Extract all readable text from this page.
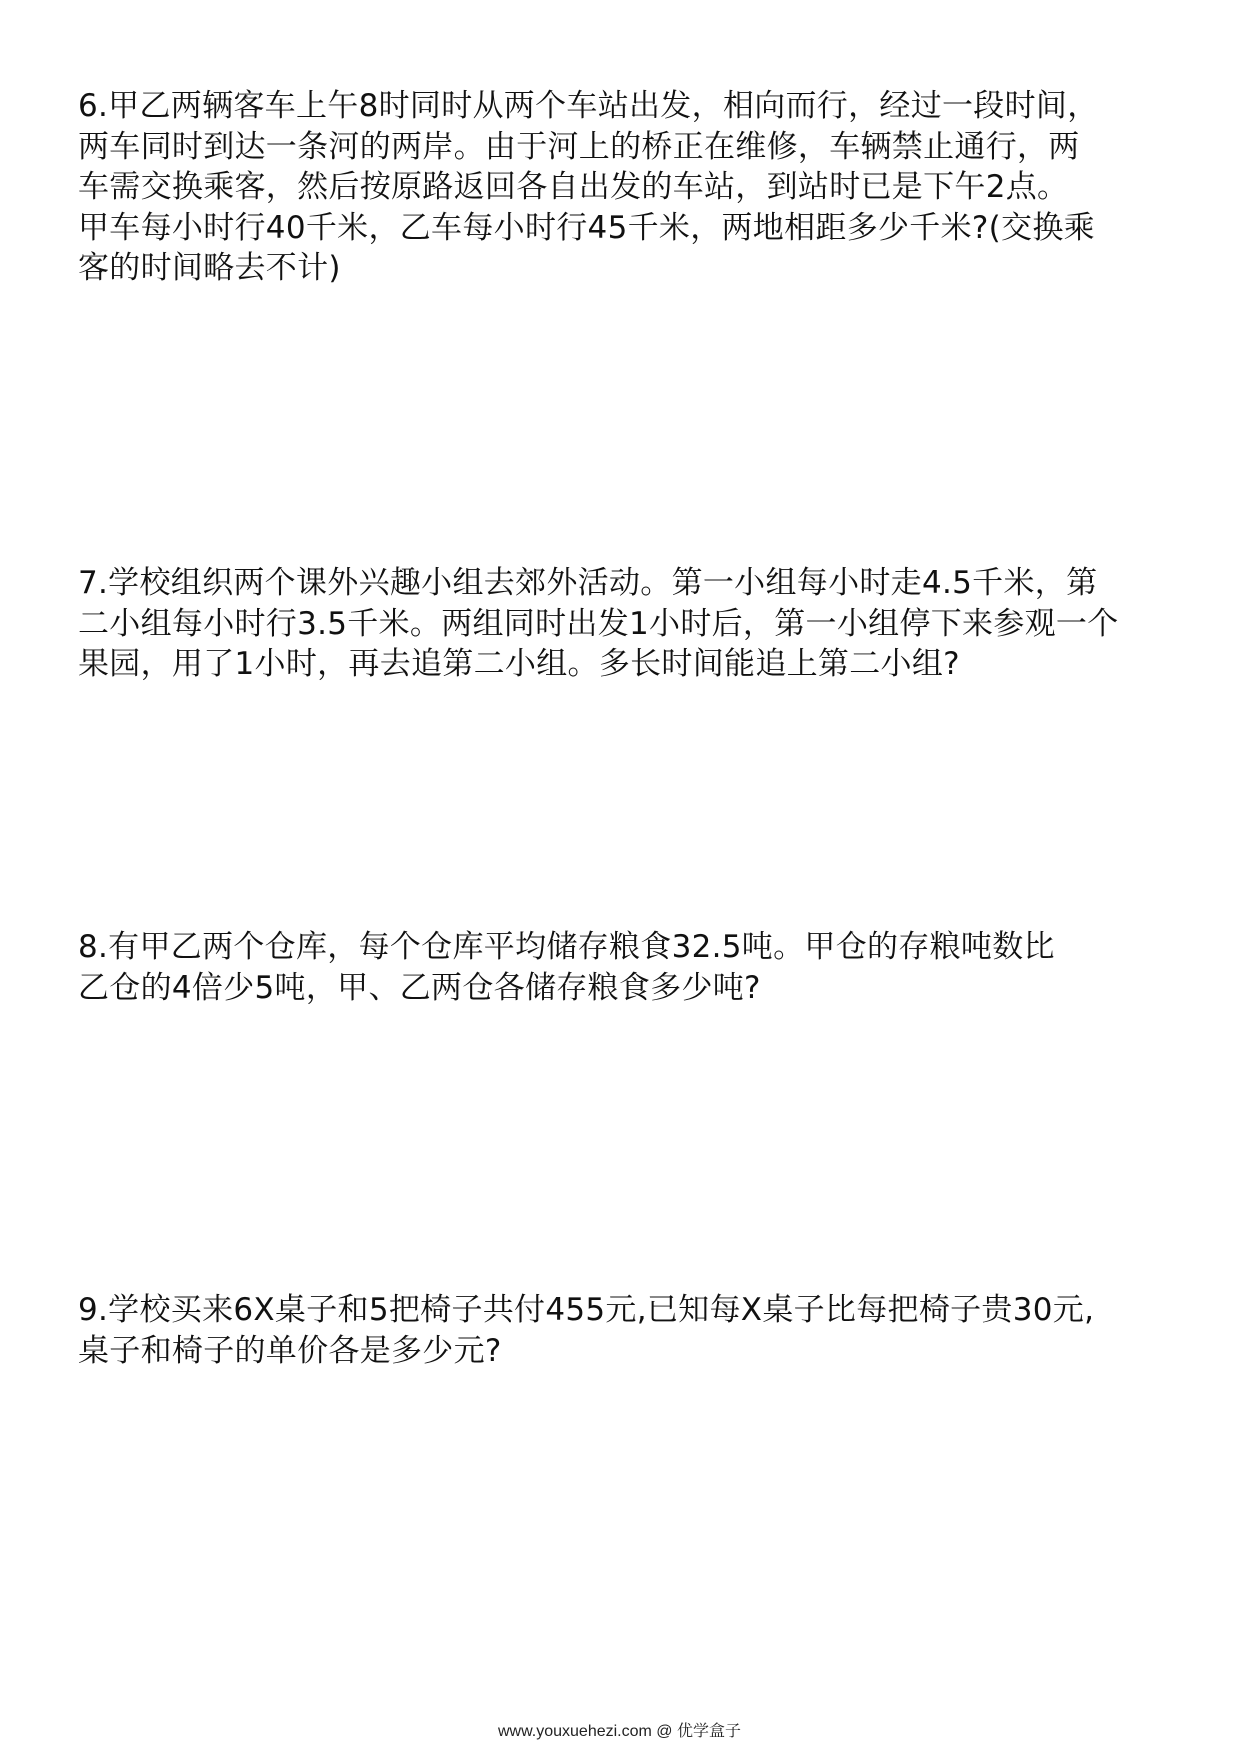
6.甲乙两辆客车上午8时同时从两个车站出发，相向而行，经过一段时间，
两车同时到达一条河的两岸。由于河上的桥正在维修，车辆禁止通行，两
车需交换乘客，然后按原路返回各自出发的车站，到站时已是下午2点。
甲车每小时行40千米，乙车每小时行45千米，两地相距多少千米?(交换乘
客的时间略去不计)
7.学校组织两个课外兴趣小组去郊外活动。第一小组每小时走4.5千米，第
二小组每小时行3.5千米。两组同时出发1小时后，第一小组停下来参观一个
果园，用了1小时，再去追第二小组。多长时间能追上第二小组?
8.有甲乙两个仓库，每个仓库平均储存粮食32.5吨。甲仓的存粮吨数比
乙仓的4倍少5吨，甲、乙两仓各储存粮食多少吨?
9.学校买来6X桌子和5把椅子共付455元,已知每X桌子比每把椅子贵30元,
桌子和椅子的单价各是多少元?
www.youxuehezi.com @ 优学盒子
